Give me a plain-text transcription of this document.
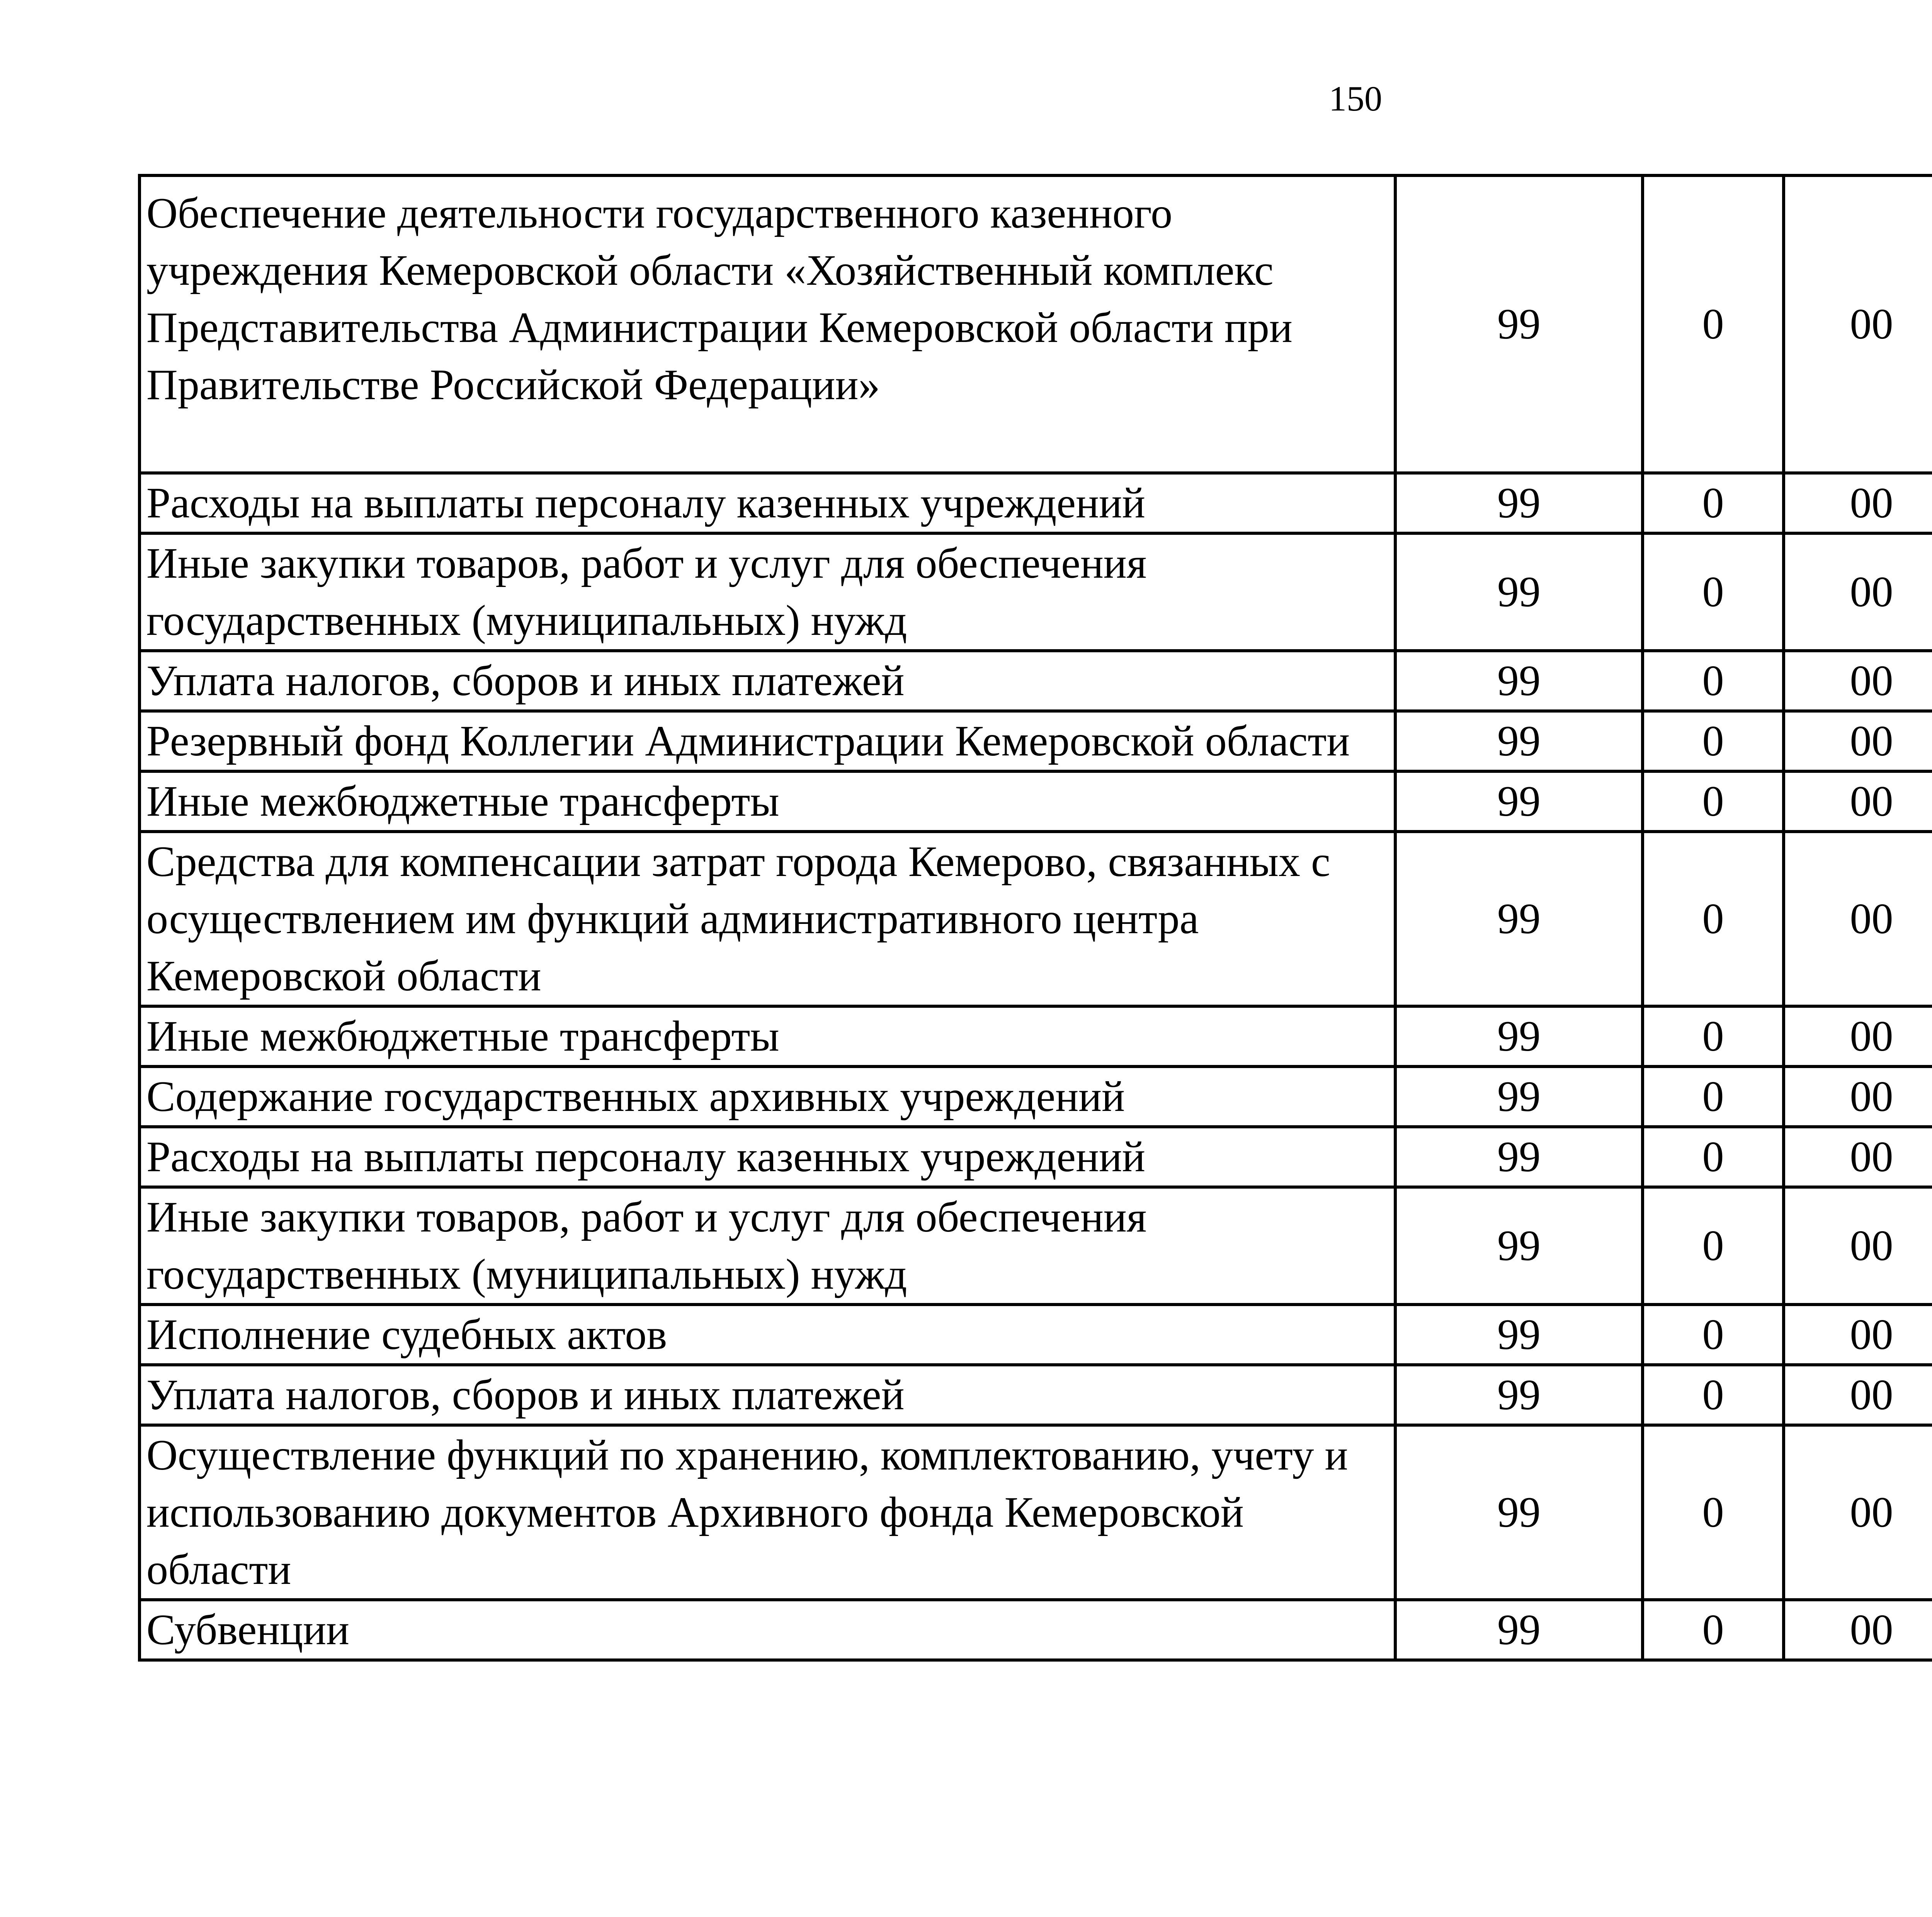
150
Обеспечение деятельности государственного казенного учреждения Кемеровской области «Хозяйственный комплекс Представительства Администрации Кемеровской области при Правительстве Российской Федерации»	99	0	00			
Расходы на выплаты персоналу казенных учреждений	99	0	00			
Иные закупки товаров, работ и услуг для обеспечения государственных (муниципальных) нужд	99	0	00			
Уплата налогов, сборов и иных платежей	99	0	00			
Резервный фонд Коллегии Администрации Кемеровской области	99	0	00			
Иные межбюджетные трансферты	99	0	00			
Средства для компенсации затрат города Кемерово, связанных с осуществлением им функций административного центра Кемеровской области	99	0	00			
Иные межбюджетные трансферты	99	0	00			
Содержание государственных архивных учреждений	99	0	00			
Расходы на выплаты персоналу казенных учреждений	99	0	00			
Иные закупки товаров, работ и услуг для обеспечения государственных (муниципальных) нужд	99	0	00			
Исполнение судебных актов	99	0	00			
Уплата налогов, сборов и иных платежей	99	0	00			
Осуществление функций по хранению, комплектованию, учету и использованию документов Архивного фонда Кемеровской области	99	0	00			
Субвенции	99	0	00			
